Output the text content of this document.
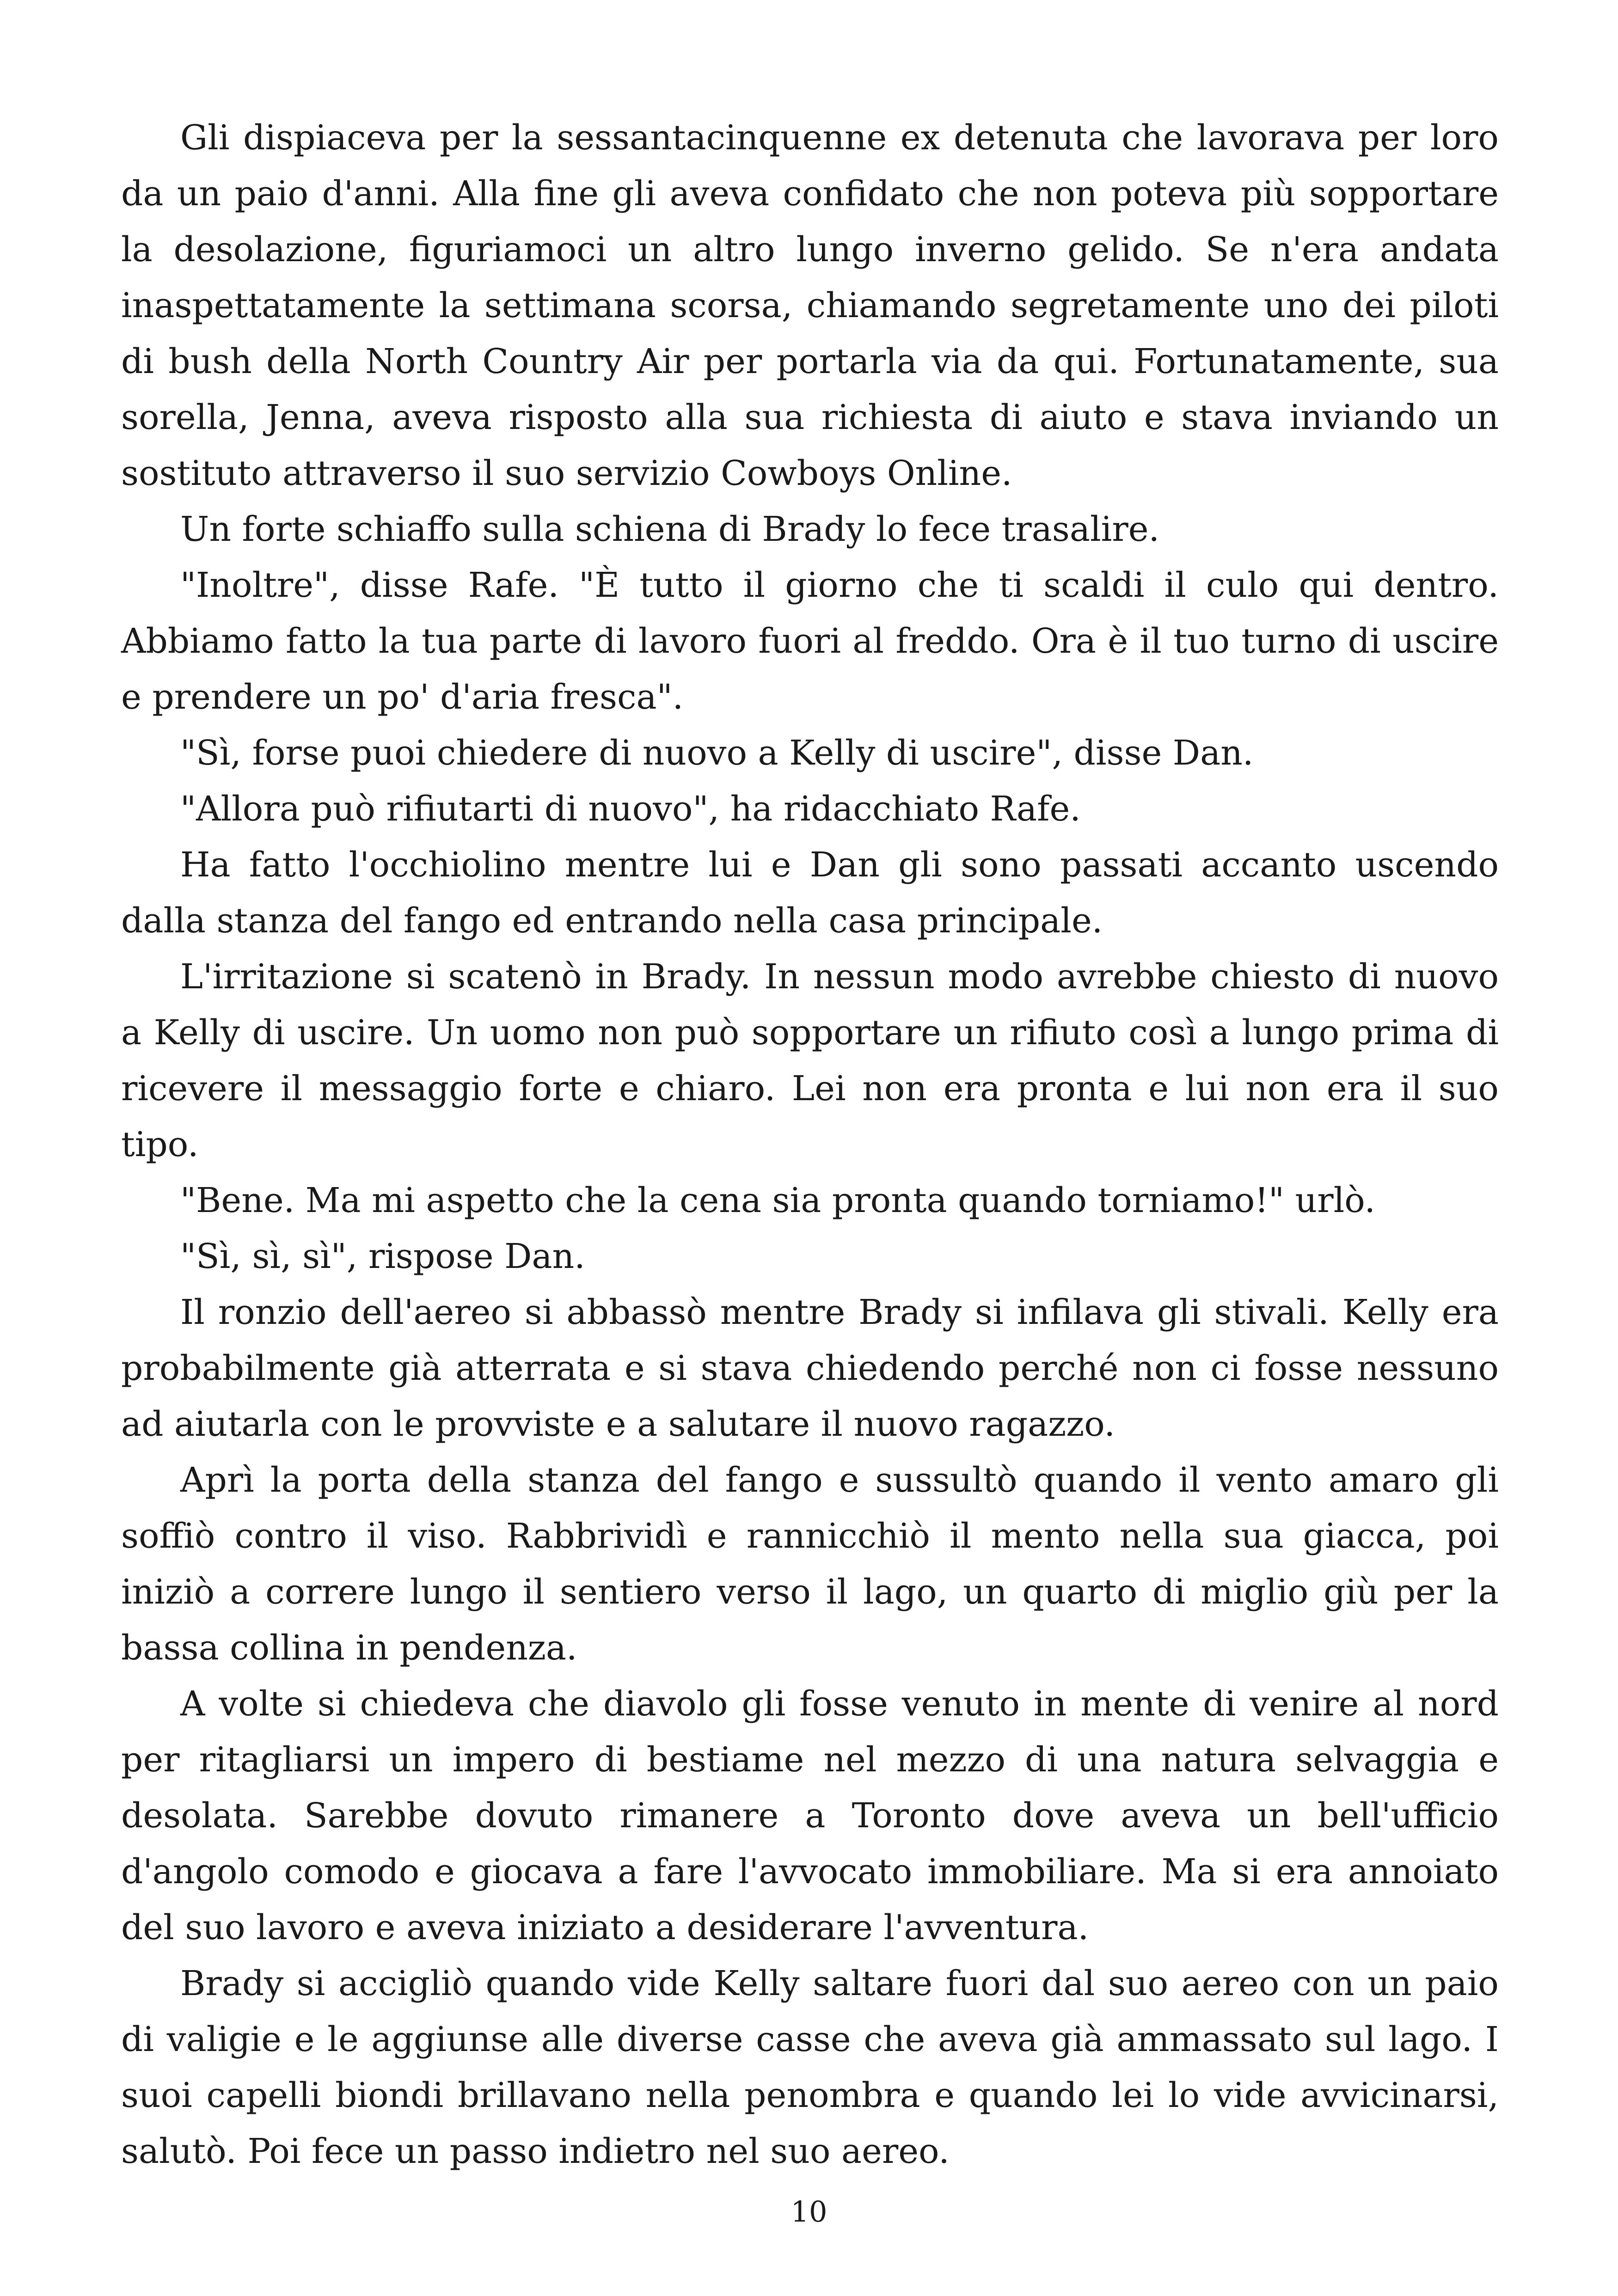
Gli dispiaceva per la sessantacinquenne ex detenuta che lavorava per loro da un paio d'anni. Alla fine gli aveva confidato che non poteva più sopportare la desolazione, figuriamoci un altro lungo inverno gelido. Se n'era andata inaspettatamente la settimana scorsa, chiamando segretamente uno dei piloti di bush della North Country Air per portarla via da qui. Fortunatamente, sua sorella, Jenna, aveva risposto alla sua richiesta di aiuto e stava inviando un sostituto attraverso il suo servizio Cowboys Online.

Un forte schiaffo sulla schiena di Brady lo fece trasalire.

"Inoltre", disse Rafe. "È tutto il giorno che ti scaldi il culo qui dentro. Abbiamo fatto la tua parte di lavoro fuori al freddo. Ora è il tuo turno di uscire e prendere un po' d'aria fresca".

"Sì, forse puoi chiedere di nuovo a Kelly di uscire", disse Dan.

"Allora può rifiutarti di nuovo", ha ridacchiato Rafe.

Ha fatto l'occhiolino mentre lui e Dan gli sono passati accanto uscendo dalla stanza del fango ed entrando nella casa principale.

L'irritazione si scatenò in Brady. In nessun modo avrebbe chiesto di nuovo a Kelly di uscire. Un uomo non può sopportare un rifiuto così a lungo prima di ricevere il messaggio forte e chiaro. Lei non era pronta e lui non era il suo tipo.

"Bene. Ma mi aspetto che la cena sia pronta quando torniamo!" urlò.

"Sì, sì, sì", rispose Dan.

Il ronzio dell'aereo si abbassò mentre Brady si infilava gli stivali. Kelly era probabilmente già atterrata e si stava chiedendo perché non ci fosse nessuno ad aiutarla con le provviste e a salutare il nuovo ragazzo.

Aprì la porta della stanza del fango e sussultò quando il vento amaro gli soffiò contro il viso. Rabbrividì e rannicchiò il mento nella sua giacca, poi iniziò a correre lungo il sentiero verso il lago, un quarto di miglio giù per la bassa collina in pendenza.

A volte si chiedeva che diavolo gli fosse venuto in mente di venire al nord per ritagliarsi un impero di bestiame nel mezzo di una natura selvaggia e desolata. Sarebbe dovuto rimanere a Toronto dove aveva un bell'ufficio d'angolo comodo e giocava a fare l'avvocato immobiliare. Ma si era annoiato del suo lavoro e aveva iniziato a desiderare l'avventura.

Brady si accigliò quando vide Kelly saltare fuori dal suo aereo con un paio di valigie e le aggiunse alle diverse casse che aveva già ammassato sul lago. I suoi capelli biondi brillavano nella penombra e quando lei lo vide avvicinarsi, salutò. Poi fece un passo indietro nel suo aereo.

10
